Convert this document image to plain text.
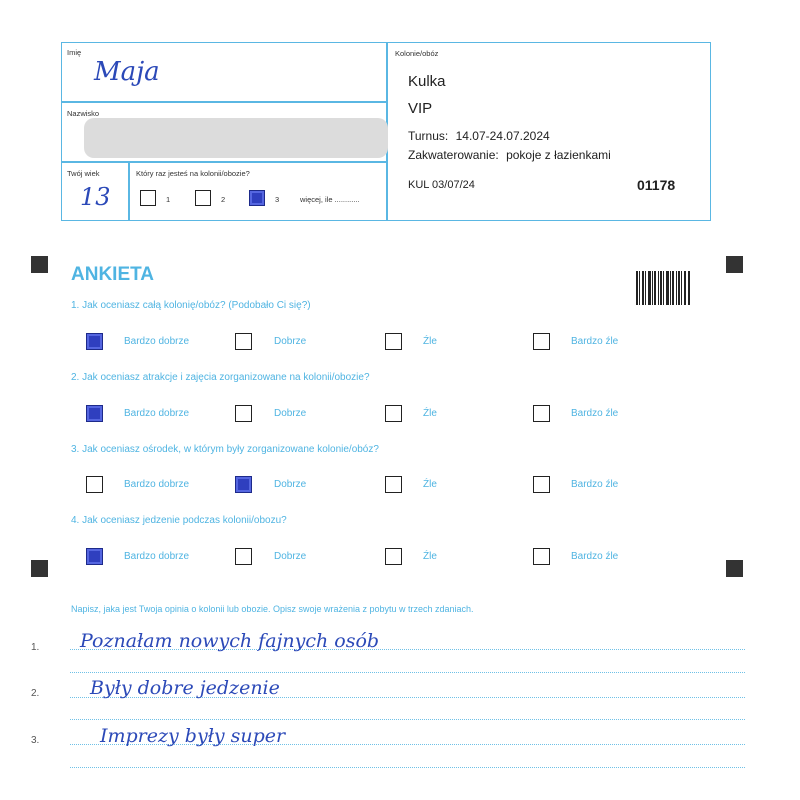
Imię
Maja
Nazwisko
Twój wiek
13
Który raz jesteś na kolonii/obozie?
1	2	3	więcej, ile ............
Kolonie/obóz
Kulka
VIP
Turnus: 14.07-24.07.2024
Zakwaterowanie: pokoje z łazienkami
KUL 03/07/24	01178
ANKIETA
1. Jak oceniasz całą kolonię/obóz? (Podobało Ci się?)
Bardzo dobrze	Dobrze	Źle	Bardzo źle
2. Jak oceniasz atrakcje i zajęcia zorganizowane na kolonii/obozie?
Bardzo dobrze	Dobrze	Źle	Bardzo źle
3. Jak oceniasz ośrodek, w którym były zorganizowane kolonie/obóz?
Bardzo dobrze	Dobrze	Źle	Bardzo źle
4. Jak oceniasz jedzenie podczas kolonii/obozu?
Bardzo dobrze	Dobrze	Źle	Bardzo źle
Napisz, jaka jest Twoja opinia o kolonii lub obozie. Opisz swoje wrażenia z pobytu w trzech zdaniach.
1. Poznałam nowych fajnych osób
2.	Były dobre jedzenie
3.	Imprezy były super
